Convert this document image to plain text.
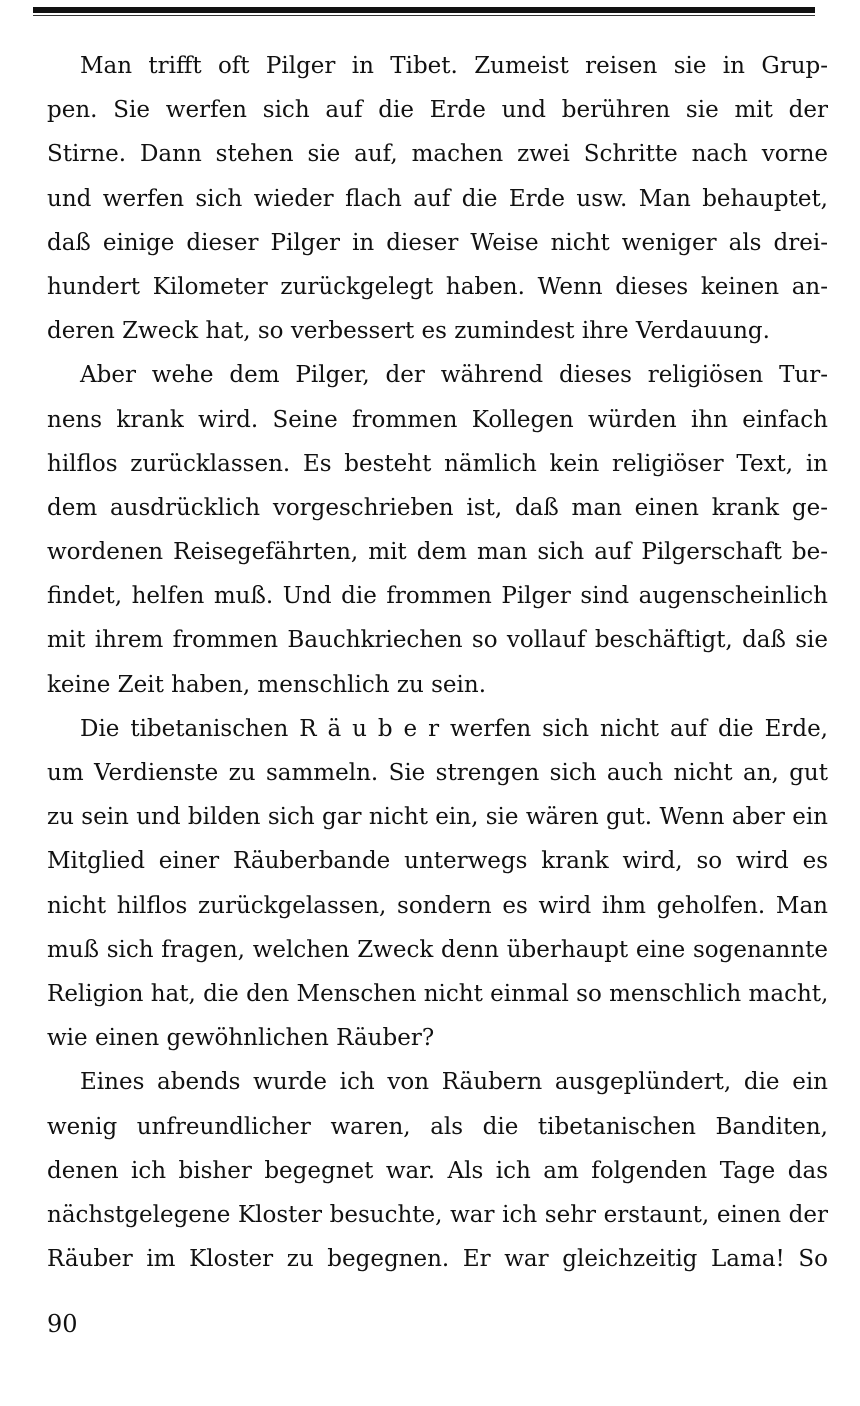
Man trifft oft Pilger in Tibet. Zumeist reisen sie in Grup-
pen. Sie werfen sich auf die Erde und berühren sie mit der
Stirne. Dann stehen sie auf, machen zwei Schritte nach vorne
und werfen sich wieder flach auf die Erde usw. Man behauptet,
daß einige dieser Pilger in dieser Weise nicht weniger als drei-
hundert Kilometer zurückgelegt haben. Wenn dieses keinen an-
deren Zweck hat, so verbessert es zumindest ihre Verdauung.
Aber wehe dem Pilger, der während dieses religiösen Tur-
nens krank wird. Seine frommen Kollegen würden ihn einfach
hilflos zurücklassen. Es besteht nämlich kein religiöser Text, in
dem ausdrücklich vorgeschrieben ist, daß man einen krank ge-
wordenen Reisegefährten, mit dem man sich auf Pilgerschaft be-
findet, helfen muß. Und die frommen Pilger sind augenscheinlich
mit ihrem frommen Bauchkriechen so vollauf beschäftigt, daß sie
keine Zeit haben, menschlich zu sein.
Die tibetanischen R ä u b e r werfen sich nicht auf die Erde,
um Verdienste zu sammeln. Sie strengen sich auch nicht an, gut
zu sein und bilden sich gar nicht ein, sie wären gut. Wenn aber ein
Mitglied einer Räuberbande unterwegs krank wird, so wird es
nicht hilflos zurückgelassen, sondern es wird ihm geholfen. Man
muß sich fragen, welchen Zweck denn überhaupt eine sogenannte
Religion hat, die den Menschen nicht einmal so menschlich macht,
wie einen gewöhnlichen Räuber?
Eines abends wurde ich von Räubern ausgeplündert, die ein
wenig unfreundlicher waren, als die tibetanischen Banditen,
denen ich bisher begegnet war. Als ich am folgenden Tage das
nächstgelegene Kloster besuchte, war ich sehr erstaunt, einen der
Räuber im Kloster zu begegnen. Er war gleichzeitig Lama! So
90
